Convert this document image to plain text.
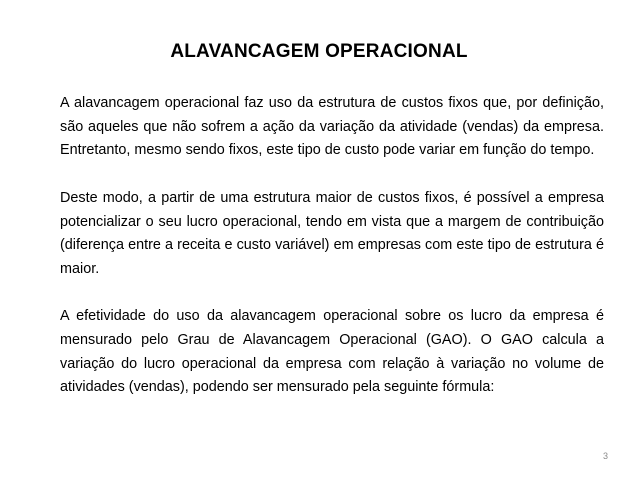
ALAVANCAGEM OPERACIONAL

A alavancagem operacional faz uso da estrutura de custos fixos que, por definição, são aqueles que não sofrem a ação da variação da atividade (vendas) da empresa. Entretanto, mesmo sendo fixos, este tipo de custo pode variar em função do tempo.

Deste modo, a partir de uma estrutura maior de custos fixos, é possível a empresa potencializar o seu lucro operacional, tendo em vista que a margem de contribuição (diferença entre a receita e custo variável) em empresas com este tipo de estrutura é maior.

A efetividade do uso da alavancagem operacional sobre os lucro da empresa é mensurado pelo Grau de Alavancagem Operacional (GAO). O GAO calcula a variação do lucro operacional da empresa com relação à variação no volume de atividades (vendas), podendo ser mensurado pela seguinte fórmula:

3
